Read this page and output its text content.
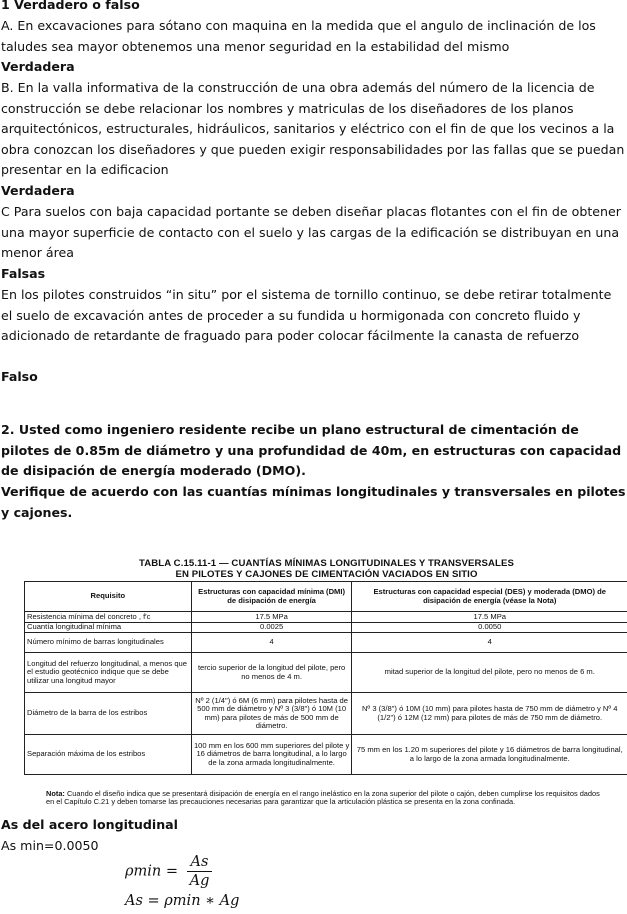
1 Verdadero o falso
A. En excavaciones para sótano con maquina en la medida que el angulo de inclinación de los taludes sea mayor obtenemos una menor seguridad en la estabilidad del mismo
Verdadera
B. En la valla informativa de la construcción de una obra además del número de la licencia de construcción se debe relacionar los nombres y matriculas de los diseñadores de los planos arquitectónicos, estructurales, hidráulicos, sanitarios y eléctrico con el fin de que los vecinos a la obra conozcan los diseñadores y que pueden exigir responsabilidades por las fallas que se puedan presentar en la edificacion
Verdadera
C Para suelos con baja capacidad portante se deben diseñar placas flotantes con el fin de obtener una mayor superficie de contacto con el suelo y las cargas de la edificación se distribuyan en una menor área
Falsas
En los pilotes construidos “in situ” por el sistema de tornillo continuo, se debe retirar totalmente el suelo de excavación antes de proceder a su fundida u hormigonada con concreto fluido y adicionado de retardante de fraguado para poder colocar fácilmente la canasta de refuerzo
Falso
2. Usted como ingeniero residente recibe un plano estructural de cimentación de pilotes de 0.85m de diámetro y una profundidad de 40m, en estructuras con capacidad de disipación de energía moderado (DMO).
Verifique de acuerdo con las cuantías mínimas longitudinales y transversales en pilotes y cajones.
TABLA C.15.11-1 — CUANTÍAS MÍNIMAS LONGITUDINALES Y TRANSVERSALES
EN PILOTES Y CAJONES DE CIMENTACIÓN VACIADOS EN SITIO
Requisito	Estructuras con capacidad mínima (DMI) de disipación de energía	Estructuras con capacidad especial (DES) y moderada (DMO) de disipación de energía (véase la Nota)
Resistencia mínima del concreto , f′c	17.5 MPa	17.5 MPa
Cuantía longitudinal mínima	0.0025	0.0050
Número mínimo de barras longitudinales	4	4
Longitud del refuerzo longitudinal, a menos que el estudio geotécnico indique que se debe utilizar una longitud mayor	tercio superior de la longitud del pilote, pero no menos de 4 m.	mitad superior de la longitud del pilote, pero no menos de 6 m.
Diámetro de la barra de los estribos	Nº 2 (1/4") ó 6M (6 mm) para pilotes hasta de 500 mm de diámetro y Nº 3 (3/8") ó 10M (10 mm) para pilotes de más de 500 mm de diámetro.	Nº 3 (3/8") ó 10M (10 mm) para pilotes hasta de 750 mm de diámetro y Nº 4 (1/2") ó 12M (12 mm) para pilotes de más de 750 mm de diámetro.
Separación máxima de los estribos	100 mm en los 600 mm superiores del pilote y 16 diámetros de barra longitudinal, a lo largo de la zona armada longitudinalmente.	75 mm en los 1.20 m superiores del pilote y 16 diámetros de barra longitudinal, a lo largo de la zona armada longitudinalmente.
Nota: Cuando el diseño indica que se presentará disipación de energía en el rango inelástico en la zona superior del pilote o cajón, deben cumplirse los requisitos dados en el Capítulo C.21 y deben tomarse las precauciones necesarias para garantizar que la articulación plástica se presenta en la zona confinada.
As del acero longitudinal
As min=0.0050
$\rho\min = \frac{As}{Ag}$
As = ρmin ∗ Ag
